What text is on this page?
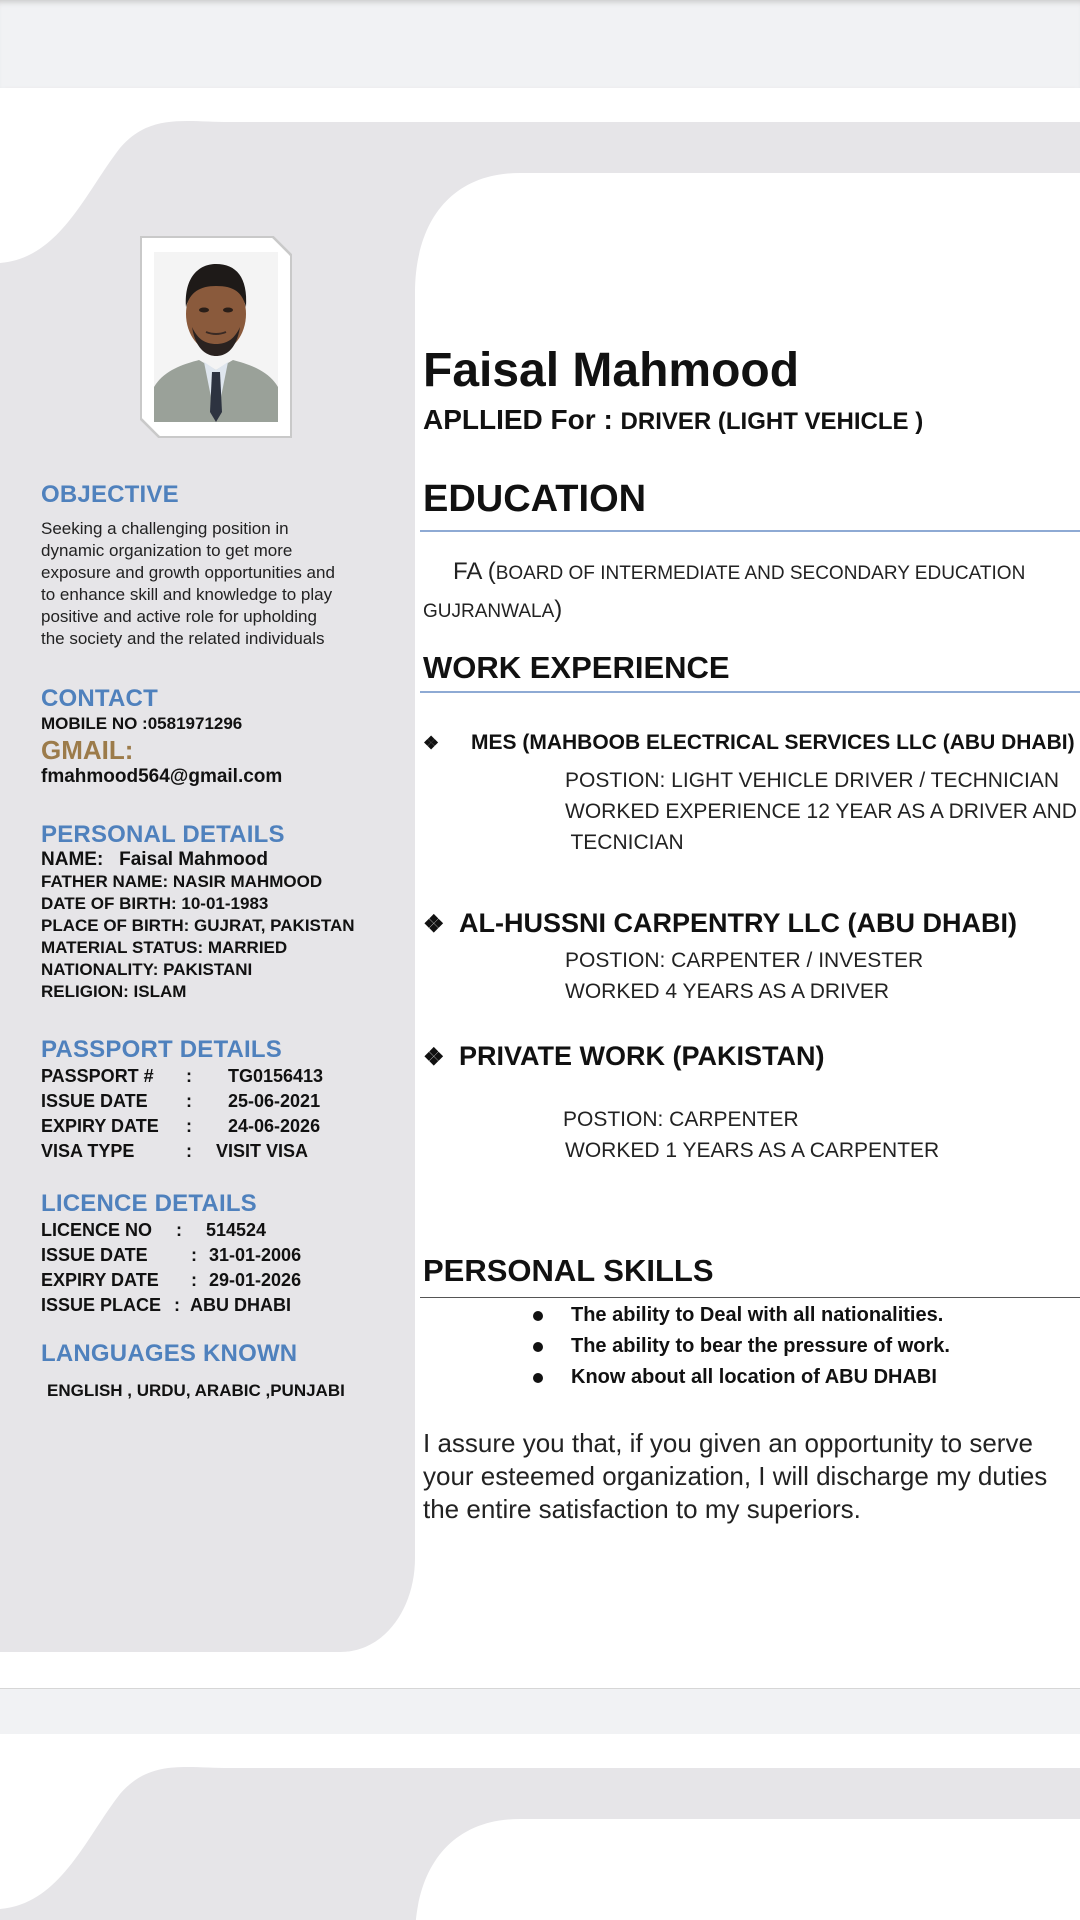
OBJECTIVE
Seeking a challenging position in
dynamic organization to get more
exposure and growth opportunities and
to enhance skill and knowledge to play
positive and active role for upholding
the society and the related individuals
CONTACT

MOBILE NO :0581971296

GMAIL:

fmahmood564@gmail.com

PERSONAL DETAILS

NAME: Faisal Mahmood

FATHER NAME: NASIR MAHMOOD

DATE OF BIRTH: 10-01-1983

PLACE OF BIRTH: GUJRAT, PAKISTAN

MATERIAL STATUS: MARRIED

NATIONALITY: PAKISTANI

RELIGION: ISLAM

PASSPORT DETAILS
PASSPORT #	:	TG0156413
ISSUE DATE	:	25-06-2021
EXPIRY DATE	:	24-06-2026
VISA TYPE	:	VISIT VISA
LICENCE DETAILS
LICENCE NO	:	514524
ISSUE DATE	: 31-01-2006
EXPIRY DATE	: 29-01-2026
ISSUE PLACE : ABU DHABI
LANGUAGES KNOWN

ENGLISH , URDU, ARABIC ,PUNJABI

Faisal Mahmood

APLLIED For : DRIVER (LIGHT VEHICLE )

EDUCATION
FA (BOARD OF INTERMEDIATE AND SECONDARY EDUCATION
GUJRANWALA)
WORK EXPERIENCE
❖ MES (MAHBOOB ELECTRICAL SERVICES LLC (ABU DHABI)
POSTION: LIGHT VEHICLE DRIVER / TECHNICIAN
WORKED EXPERIENCE 12 YEAR AS A DRIVER AND
TECNICIAN
❖ AL-HUSSNI CARPENTRY LLC (ABU DHABI)
POSTION: CARPENTER / INVESTER
WORKED 4 YEARS AS A DRIVER
❖ PRIVATE WORK (PAKISTAN)
POSTION: CARPENTER
WORKED 1 YEARS AS A CARPENTER
PERSONAL SKILLS
The ability to Deal with all nationalities.
The ability to bear the pressure of work.
Know about all location of ABU DHABI
I assure you that, if you given an opportunity to serve
your esteemed organization, I will discharge my duties
the entire satisfaction to my superiors.
